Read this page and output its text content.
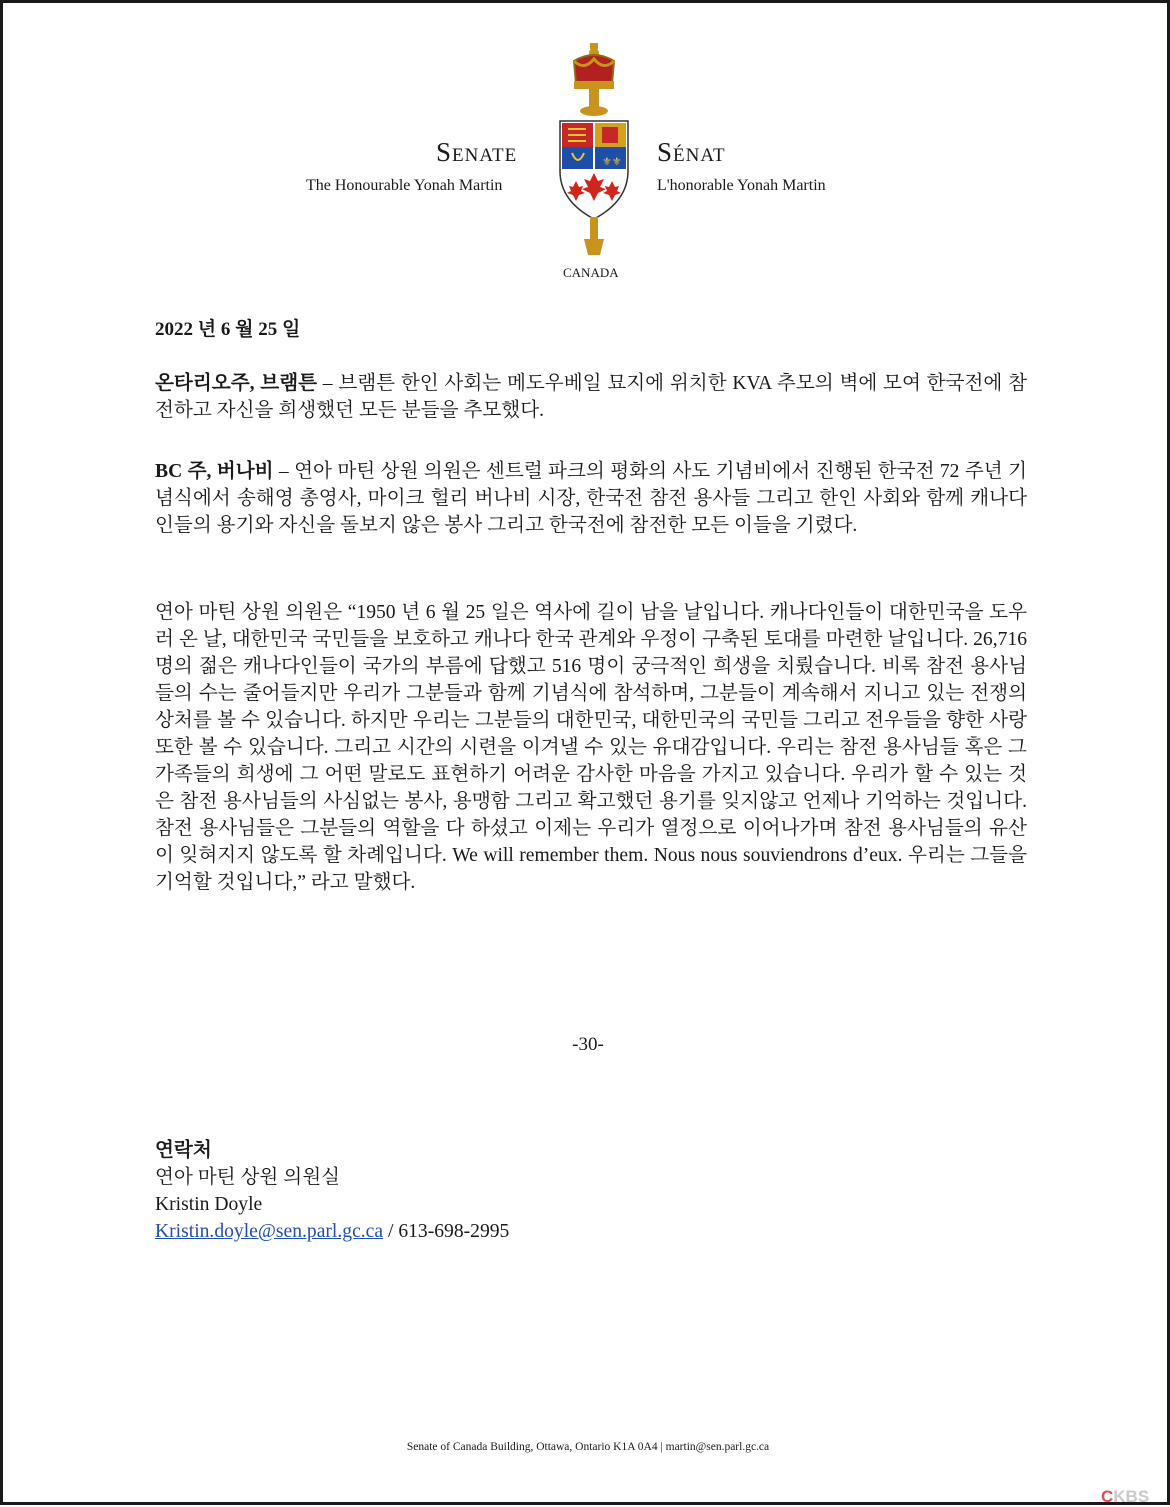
Senate
The Honourable Yonah Martin
Sénat
L'honorable Yonah Martin
⚜⚜
CANADA
2022 년 6 월 25 일
온타리오주, 브램튼 – 브램튼 한인 사회는 메도우베일 묘지에 위치한 KVA 추모의 벽에 모여 한국전에 참전하고 자신을 희생했던 모든 분들을 추모했다.
BC 주, 버나비 – 연아 마틴 상원 의원은 센트럴 파크의 평화의 사도 기념비에서 진행된 한국전 72 주년 기념식에서 송해영 총영사, 마이크 헐리 버나비 시장, 한국전 참전 용사들 그리고 한인 사회와 함께 캐나다인들의 용기와 자신을 돌보지 않은 봉사 그리고 한국전에 참전한 모든 이들을 기렸다.
연아 마틴 상원 의원은 “1950 년 6 월 25 일은 역사에 길이 남을 날입니다. 캐나다인들이 대한민국을 도우러 온 날, 대한민국 국민들을 보호하고 캐나다 한국 관계와 우정이 구축된 토대를 마련한 날입니다. 26,716 명의 젊은 캐나다인들이 국가의 부름에 답했고 516 명이 궁극적인 희생을 치뤘습니다. 비록 참전 용사님들의 수는 줄어들지만 우리가 그분들과 함께 기념식에 참석하며, 그분들이 계속해서 지니고 있는 전쟁의 상처를 볼 수 있습니다. 하지만 우리는 그분들의 대한민국, 대한민국의 국민들 그리고 전우들을 향한 사랑 또한 볼 수 있습니다. 그리고 시간의 시련을 이겨낼 수 있는 유대감입니다. 우리는 참전 용사님들 혹은 그 가족들의 희생에 그 어떤 말로도 표현하기 어려운 감사한 마음을 가지고 있습니다. 우리가 할 수 있는 것은 참전 용사님들의 사심없는 봉사, 용맹함 그리고 확고했던 용기를 잊지않고 언제나 기억하는 것입니다. 참전 용사님들은 그분들의 역할을 다 하셨고 이제는 우리가 열정으로 이어나가며 참전 용사님들의 유산이 잊혀지지 않도록 할 차례입니다. We will remember them. Nous nous souviendrons d’eux. 우리는 그들을 기억할 것입니다,” 라고 말했다.
-30-
연락처
연아 마틴 상원 의원실
Kristin Doyle
Kristin.doyle@sen.parl.gc.ca / 613-698-2995
Senate of Canada Building, Ottawa, Ontario K1A 0A4 | martin@sen.parl.gc.ca
CKBS
